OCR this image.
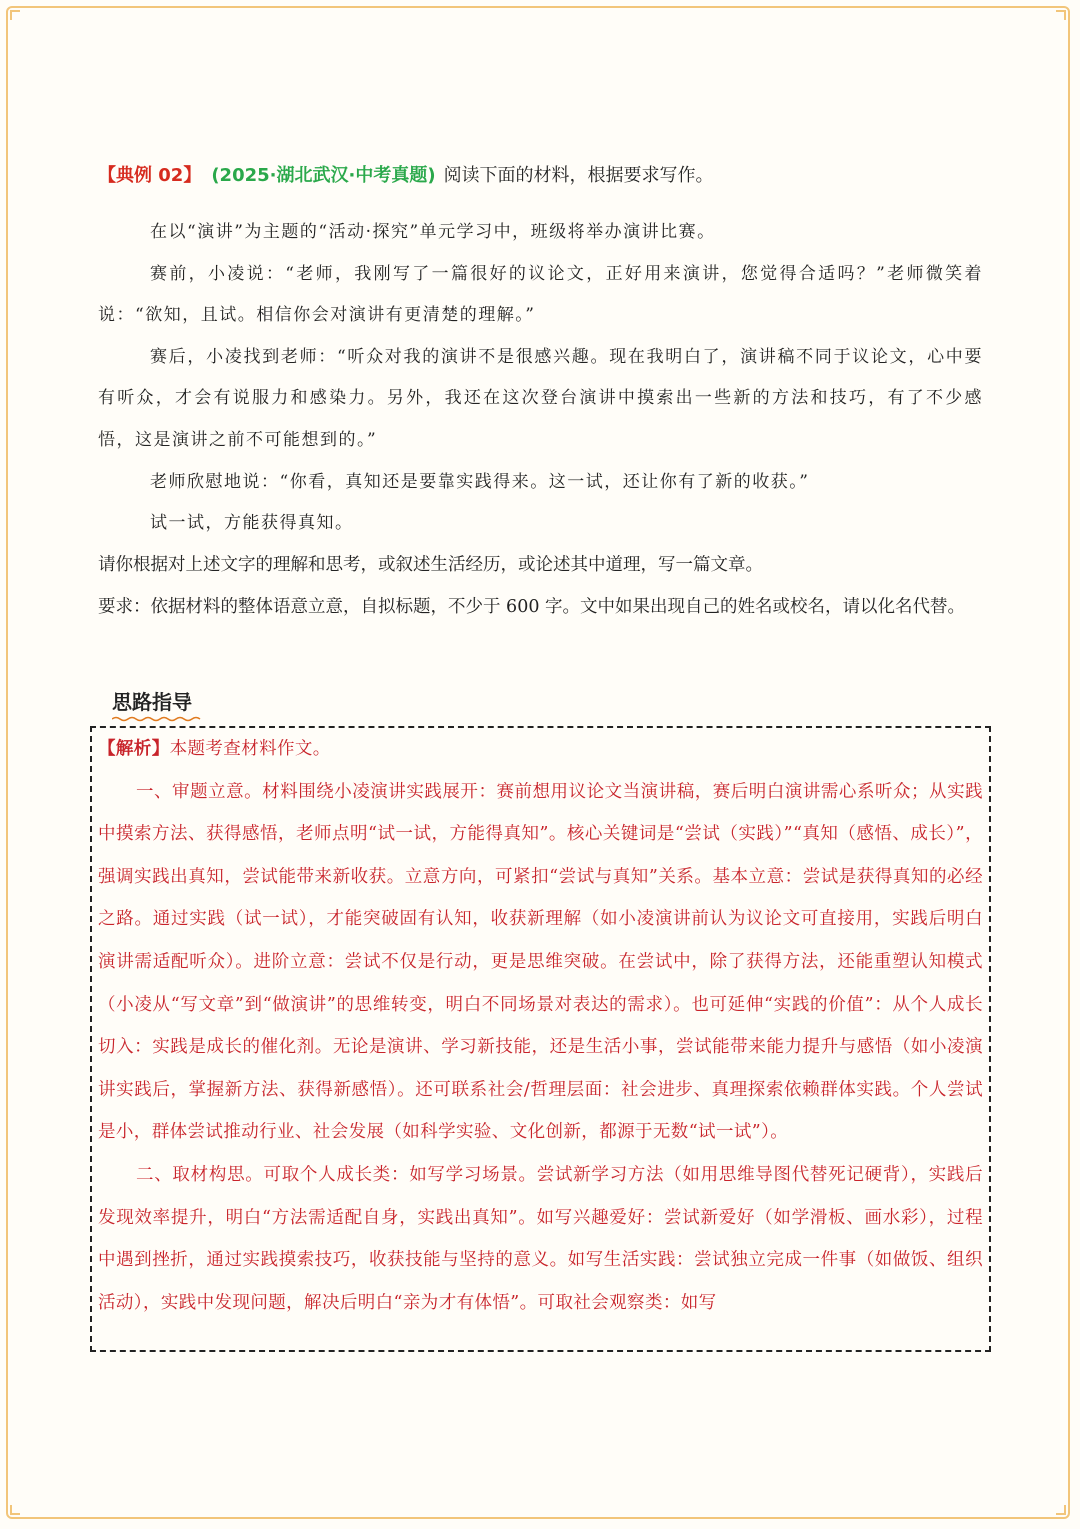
【典例 02】 (2025·湖北武汉·中考真题) 阅读下面的材料，根据要求写作。

在以“演讲”为主题的“活动·探究”单元学习中，班级将举办演讲比赛。

赛前，小凌说：“老师，我刚写了一篇很好的议论文，正好用来演讲，您觉得合适吗？”老师微笑着说：“欲知，且试。相信你会对演讲有更清楚的理解。”

赛后，小凌找到老师：“听众对我的演讲不是很感兴趣。现在我明白了，演讲稿不同于议论文，心中要有听众，才会有说服力和感染力。另外，我还在这次登台演讲中摸索出一些新的方法和技巧，有了不少感悟，这是演讲之前不可能想到的。”

老师欣慰地说：“你看，真知还是要靠实践得来。这一试，还让你有了新的收获。”

试一试，方能获得真知。

请你根据对上述文字的理解和思考，或叙述生活经历，或论述其中道理，写一篇文章。

要求：依据材料的整体语意立意，自拟标题，不少于 600 字。文中如果出现自己的姓名或校名，请以化名代替。

思路指导

【解析】本题考查材料作文。

一、审题立意。材料围绕小凌演讲实践展开：赛前想用议论文当演讲稿，赛后明白演讲需心系听众；从实践中摸索方法、获得感悟，老师点明“试一试，方能得真知”。核心关键词是“尝试（实践）”“真知（感悟、成长）”，强调实践出真知，尝试能带来新收获。立意方向，可紧扣“尝试与真知”关系。基本立意：尝试是获得真知的必经之路。通过实践（试一试），才能突破固有认知，收获新理解（如小凌演讲前认为议论文可直接用，实践后明白演讲需适配听众）。进阶立意：尝试不仅是行动，更是思维突破。在尝试中，除了获得方法，还能重塑认知模式（小凌从“写文章”到“做演讲”的思维转变，明白不同场景对表达的需求）。也可延伸“实践的价值”：从个人成长切入：实践是成长的催化剂。无论是演讲、学习新技能，还是生活小事，尝试能带来能力提升与感悟（如小凌演讲实践后，掌握新方法、获得新感悟）。还可联系社会/哲理层面：社会进步、真理探索依赖群体实践。个人尝试是小，群体尝试推动行业、社会发展（如科学实验、文化创新，都源于无数“试一试”）。

二、取材构思。可取个人成长类：如写学习场景。尝试新学习方法（如用思维导图代替死记硬背），实践后发现效率提升，明白“方法需适配自身，实践出真知”。如写兴趣爱好：尝试新爱好（如学滑板、画水彩），过程中遇到挫折，通过实践摸索技巧，收获技能与坚持的意义。如写生活实践：尝试独立完成一件事（如做饭、组织活动），实践中发现问题，解决后明白“亲为才有体悟”。可取社会观察类：如写
